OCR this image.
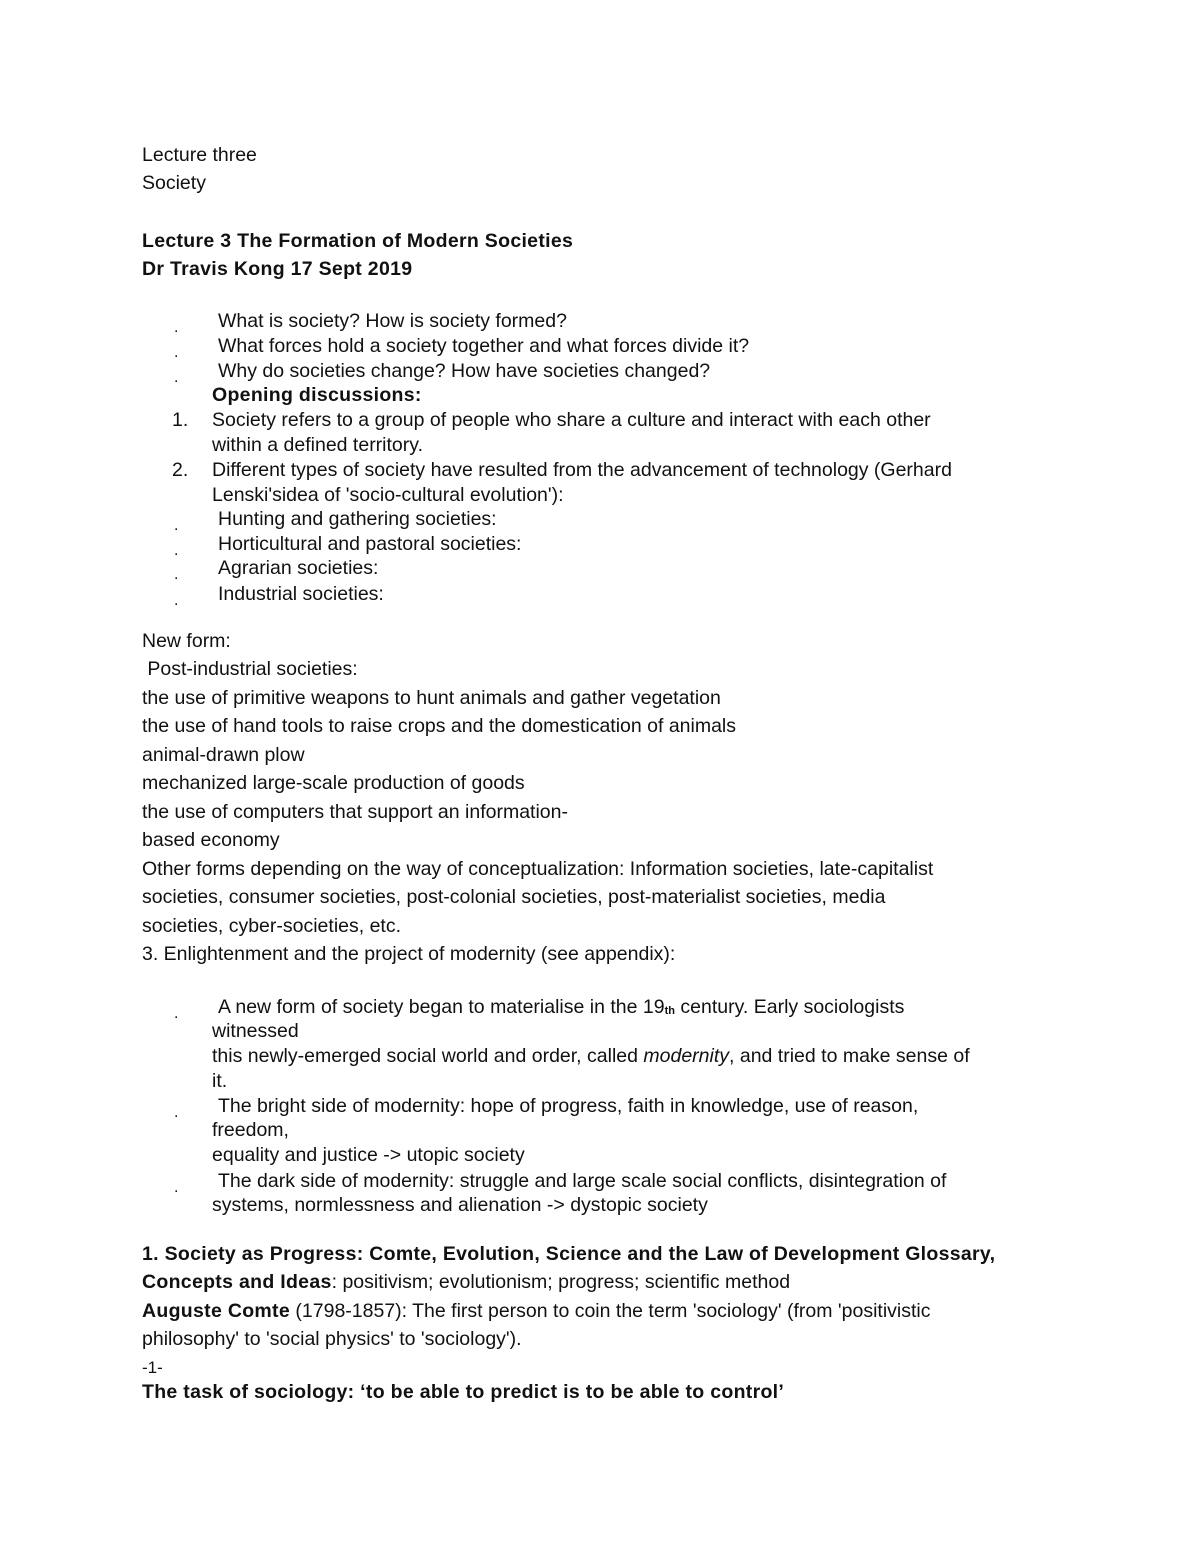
Lecture three
Society
Lecture 3 The Formation of Modern Societies
Dr Travis Kong 17 Sept 2019
. What is society? How is society formed?
. What forces hold a society together and what forces divide it?
. Why do societies change? How have societies changed?
Opening discussions:
1. Society refers to a group of people who share a culture and interact with each other
within a defined territory.
2. Different types of society have resulted from the advancement of technology (Gerhard
Lenski'sidea of 'socio-cultural evolution'):
. Hunting and gathering societies:
. Horticultural and pastoral societies:
. Agrarian societies:
. Industrial societies:
New form:
Post-industrial societies:
the use of primitive weapons to hunt animals and gather vegetation
the use of hand tools to raise crops and the domestication of animals
animal-drawn plow
mechanized large-scale production of goods
the use of computers that support an information-
based economy
Other forms depending on the way of conceptualization: Information societies, late-capitalist
societies, consumer societies, post-colonial societies, post-materialist societies, media
societies, cyber-societies, etc.
3. Enlightenment and the project of modernity (see appendix):
. A new form of society began to materialise in the $19_{th}$ century. Early sociologists
witnessed
this newly-emerged social world and order, called modernity, and tried to make sense of
it.
. The bright side of modernity: hope of progress, faith in knowledge, use of reason,
freedom,
equality and justice -> utopic society
. The dark side of modernity: struggle and large scale social conflicts, disintegration of
systems, normlessness and alienation -> dystopic society
1. Society as Progress: Comte, Evolution, Science and the Law of Development Glossary,
Concepts and Ideas: positivism; evolutionism; progress; scientific method
Auguste Comte (1798-1857): The first person to coin the term 'sociology' (from 'positivistic
philosophy' to 'social physics' to 'sociology').
-1-
The task of sociology: ‘to be able to predict is to be able to control’
